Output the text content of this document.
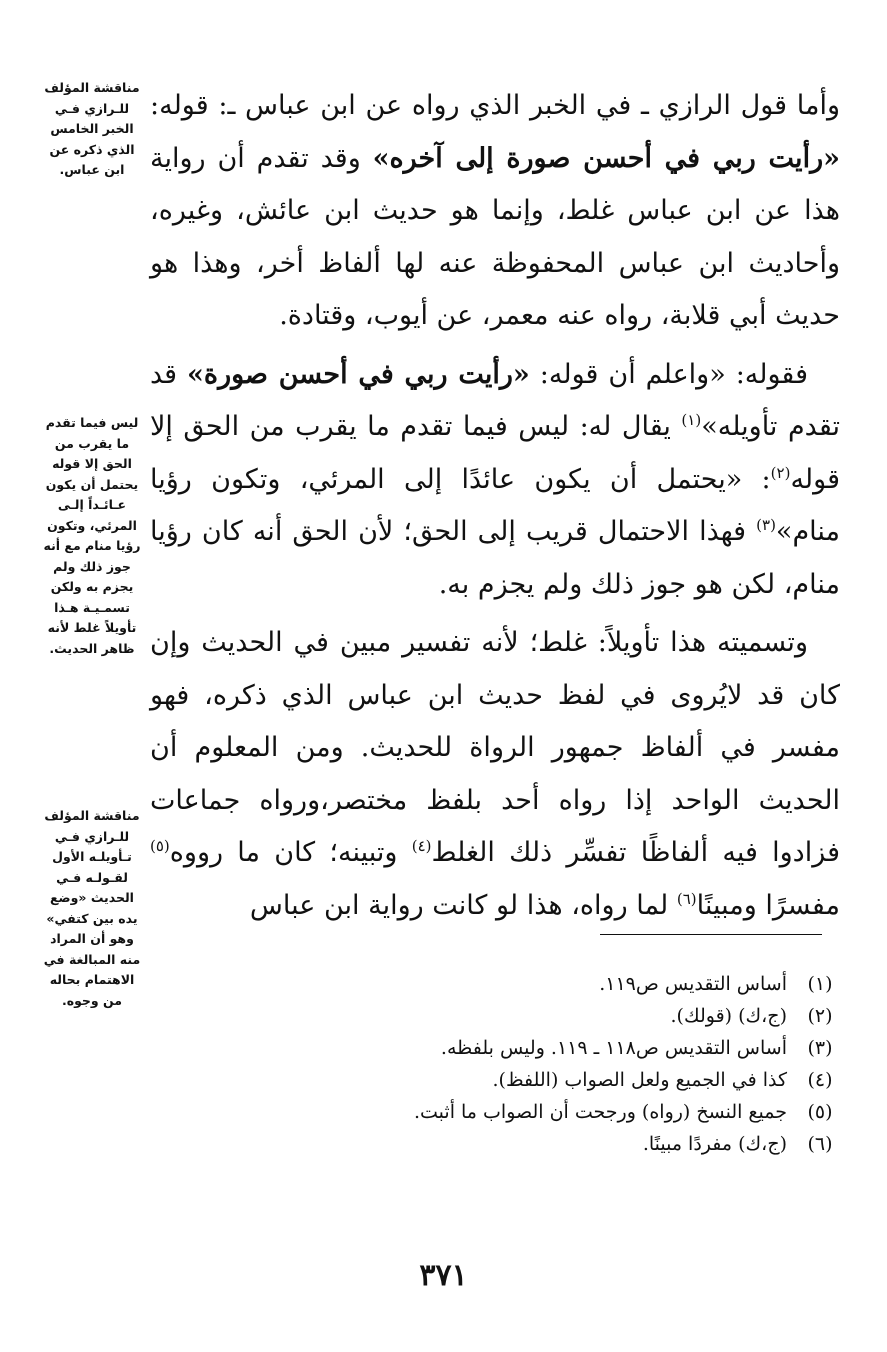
وأما قول الرازي ـ في الخبر الذي رواه عن ابن عباس ـ: قوله: «رأيت ربي في أحسن صورة إلى آخره» وقد تقدم أن رواية هذا عن ابن عباس غلط، وإنما هو حديث ابن عائش، وغيره، وأحاديث ابن عباس المحفوظة عنه لها ألفاظ أخر، وهذا هو حديث أبي قلابة، رواه عنه معمر، عن أيوب، وقتادة.

فقوله: «واعلم أن قوله: «رأيت ربي في أحسن صورة» قد تقدم تأويله»$^{(١)}$ يقال له: ليس فيما تقدم ما يقرب من الحق إلا قوله$^{(٢)}$: «يحتمل أن يكون عائدًا إلى المرئي، وتكون رؤيا منام»$^{(٣)}$ فهذا الاحتمال قريب إلى الحق؛ لأن الحق أنه كان رؤيا منام، لكن هو جوز ذلك ولم يجزم به.

وتسميته هذا تأويلاً: غلط؛ لأنه تفسير مبين في الحديث وإن كان قد لايُروى في لفظ حديث ابن عباس الذي ذكره، فهو مفسر في ألفاظ جمهور الرواة للحديث. ومن المعلوم أن الحديث الواحد إذا رواه أحد بلفظ مختصر،ورواه جماعات فزادوا فيه ألفاظًا تفسِّر ذلك الغلط$^{(٤)}$ وتبينه؛ كان ما رووه$^{(٥)}$ مفسرًا ومبينًا$^{(٦)}$ لما رواه، هذا لو كانت رواية ابن عباس

مناقشة المؤلف للـرازي فـي الخبر الخامس الذي ذكره عن ابن عباس.
ليس فيما تقدم ما يقرب من الحق إلا قوله يحتمل أن يكون عـائـداً إلـى المرئي، وتكون رؤيا منام مع أنه جوز ذلك ولم يجزم به ولكن تسمـيـة هـذا تأويلاً غلط لأنه ظاهر الحديث.
مناقشة المؤلف للـرازي فـي تـأويلـه الأول لقـولـه فـي الحديث «وضع يده بين كتفي» وهو أن المراد منه المبالغة في الاهتمام بحاله من وجوه.
(١)
أساس التقديس ص١١٩.
(٢)
(ج،ك) (قولك).
(٣)
أساس التقديس ص١١٨ ـ ١١٩. وليس بلفظه.
(٤)
كذا في الجميع ولعل الصواب (اللفظ).
(٥)
جميع النسخ (رواه) ورجحت أن الصواب ما أثبت.
(٦)
(ج،ك) مفردًا مبينًا.
٣٧١
